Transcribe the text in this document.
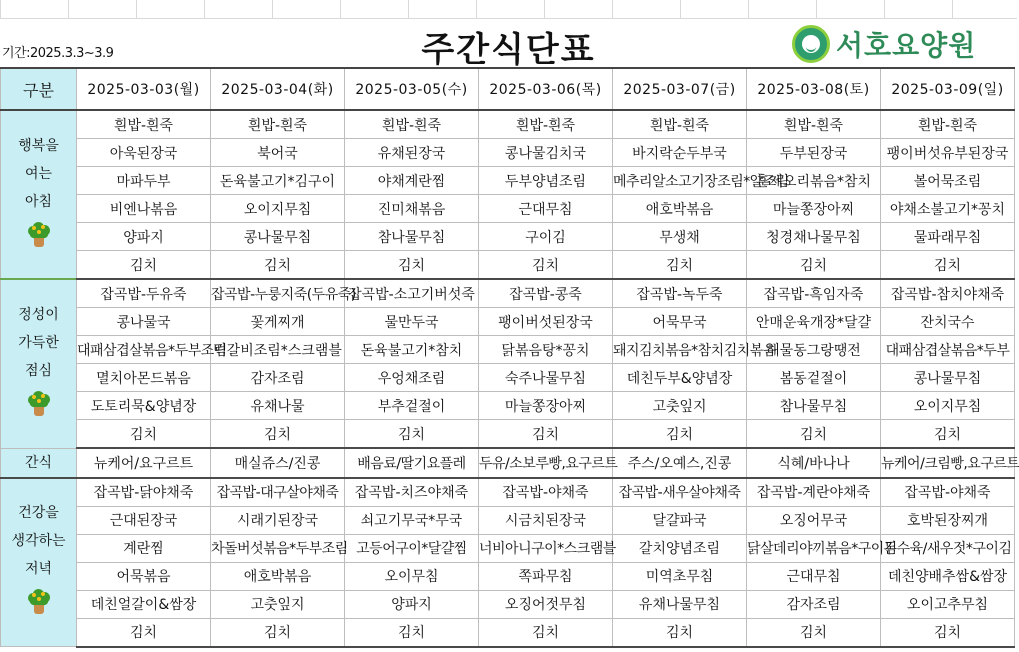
기간:2025.3.3~3.9	주간식단표	서호요양원
구분	2025-03-03(월)	2025-03-04(화)	2025-03-05(수)	2025-03-06(목)	2025-03-07(금)	2025-03-08(토)	2025-03-09(일)

행복을
여는
아침	흰밥-흰죽	흰밥-흰죽	흰밥-흰죽	흰밥-흰죽	흰밥-흰죽	흰밥-흰죽	흰밥-흰죽
	아욱된장국	북어국	유채된장국	콩나물김치국	바지락순두부국	두부된장국	팽이버섯유부된장국
	마파두부	돈육불고기*김구이	야채계란찜	두부양념조림	메추리알소고기장조림*알조림	훈제오리볶음*참치	볼어묵조림
	비엔나볶음	오이지무침	진미채볶음	근대무침	애호박볶음	마늘쫑장아찌	야채소불고기*꽁치
	양파지	콩나물무침	참나물무침	구이김	무생채	청경채나물무침	물파래무침
	김치	김치	김치	김치	김치	김치	김치

정성이
가득한
점심	잡곡밥-두유죽	잡곡밥-누룽지죽(두유죽)	잡곡밥-소고기버섯죽	잡곡밥-콩죽	잡곡밥-녹두죽	잡곡밥-흑임자죽	잡곡밥-참치야채죽
	콩나물국	꽃게찌개	물만두국	팽이버섯된장국	어묵무국	안매운육개장*달걀	잔치국수
	대패삼겹살볶음*두부조림	떡갈비조림*스크램블	돈육불고기*참치	닭볶음탕*꽁치	돼지김치볶음*참치김치볶음	해물동그랑땡전	대패삼겹살볶음*두부
	멸치아몬드볶음	감자조림	우엉채조림	숙주나물무침	데친두부&양념장	봄동겉절이	콩나물무침
	도토리묵&양념장	유채나물	부추겉절이	마늘쫑장아찌	고춧잎지	참나물무침	오이지무침
	김치	김치	김치	김치	김치	김치	김치

간식	뉴케어/요구르트	매실쥬스/진콩	배음료/딸기요플레	두유/소보루빵,요구르트	주스/오예스,진콩	식혜/바나나	뉴케어/크림빵,요구르트

건강을
생각하는
저녁	잡곡밥-닭야채죽	잡곡밥-대구살야채죽	잡곡밥-치즈야채죽	잡곡밥-야채죽	잡곡밥-새우살야채죽	잡곡밥-계란야채죽	잡곡밥-야채죽
	근대된장국	시래기된장국	쇠고기무국*무국	시금치된장국	달걀파국	오징어무국	호박된장찌개
	계란찜	차돌버섯볶음*두부조림	고등어구이*달걀찜	너비아니구이*스크램블	갈치양념조림	닭살데리야끼볶음*구이김	돈수육/새우젓*구이김
	어묵볶음	애호박볶음	오이무침	쪽파무침	미역초무침	근대무침	데친양배추쌈&쌈장
	데친얼갈이&쌈장	고춧잎지	양파지	오징어젓무침	유채나물무침	감자조림	오이고추무침
	김치	김치	김치	김치	김치	김치	김치
